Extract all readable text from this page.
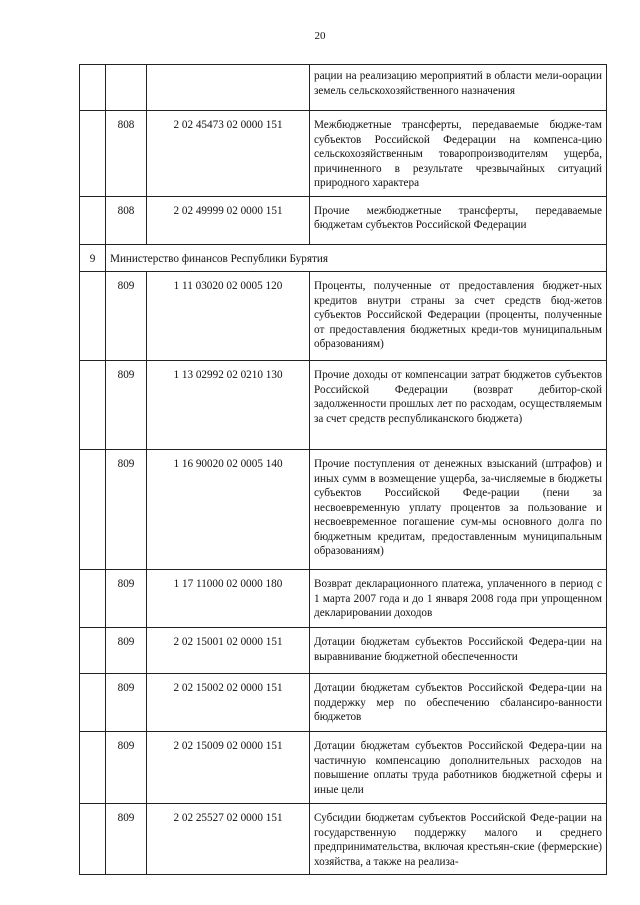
20
			рации на реализацию мероприятий в области мели-оорации земель сельскохозяйственного назначения
	808	2 02 45473 02 0000 151	Межбюджетные трансферты, передаваемые бюдже-там субъектов Российской Федерации на компенса-цию сельскохозяйственным товаропроизводителям ущерба, причиненного в результате чрезвычайных ситуаций природного характера
	808	2 02 49999 02 0000 151	Прочие межбюджетные трансферты, передаваемые бюджетам субъектов Российской Федерации
9	Министерство финансов Республики Бурятия		
	809	1 11 03020 02 0005 120	Проценты, полученные от предоставления бюджет-ных кредитов внутри страны за счет средств бюд-жетов субъектов Российской Федерации (проценты, полученные от предоставления бюджетных креди-тов муниципальным образованиям)
	809	1 13 02992 02 0210 130	Прочие доходы от компенсации затрат бюджетов субъектов Российской Федерации (возврат дебитор-ской задолженности прошлых лет по расходам, осуществляемым за счет средств республиканского бюджета)
	809	1 16 90020 02 0005 140	Прочие поступления от денежных взысканий (штрафов) и иных сумм в возмещение ущерба, за-числяемые в бюджеты субъектов Российской Феде-рации (пени за несвоевременную уплату процентов за пользование и несвоевременное погашение сум-мы основного долга по бюджетным кредитам, предоставленным муниципальным образованиям)
	809	1 17 11000 02 0000 180	Возврат декларационного платежа, уплаченного в период с 1 марта 2007 года и до 1 января 2008 года при упрощенном декларировании доходов
	809	2 02 15001 02 0000 151	Дотации бюджетам субъектов Российской Федера-ции на выравнивание бюджетной обеспеченности
	809	2 02 15002 02 0000 151	Дотации бюджетам субъектов Российской Федера-ции на поддержку мер по обеспечению сбалансиро-ванности бюджетов
	809	2 02 15009 02 0000 151	Дотации бюджетам субъектов Российской Федера-ции на частичную компенсацию дополнительных расходов на повышение оплаты труда работников бюджетной сферы и иные цели
	809	2 02 25527 02 0000 151	Субсидии бюджетам субъектов Российской Феде-рации на государственную поддержку малого и среднего предпринимательства, включая крестьян-ские (фермерские) хозяйства, а также на реализа-
